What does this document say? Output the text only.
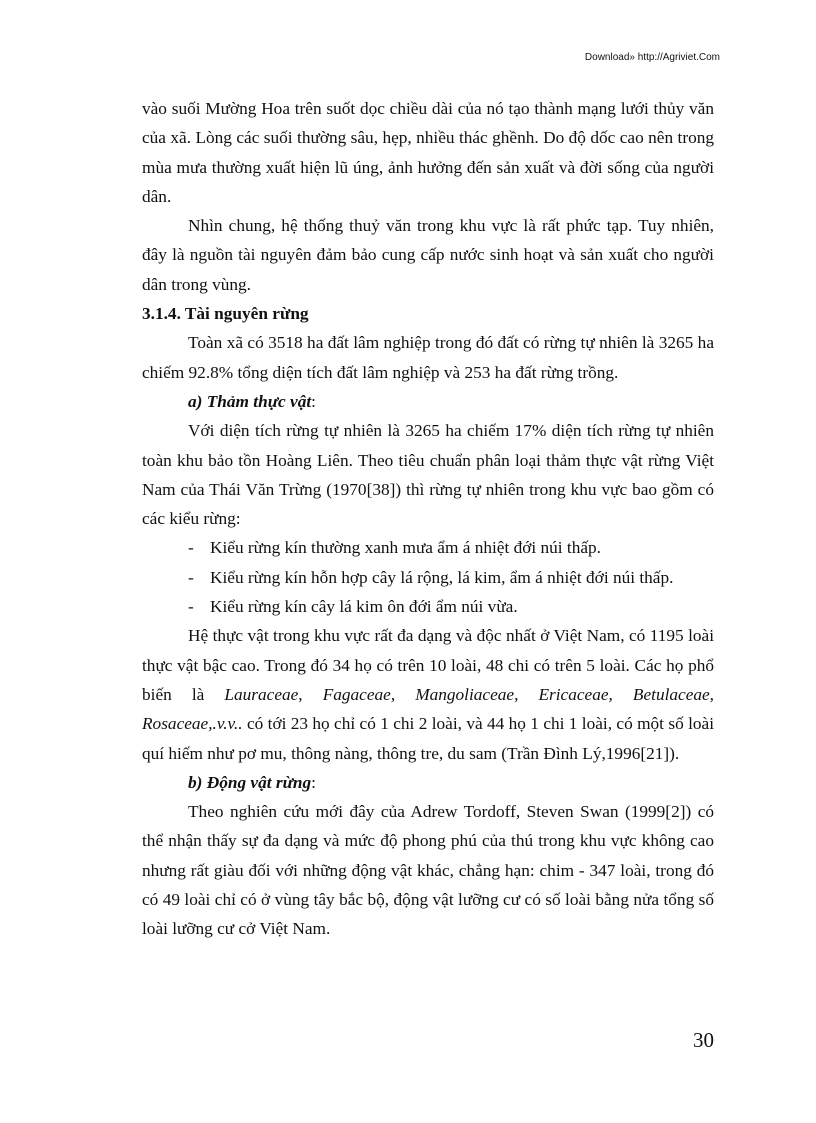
Download» http://Agriviet.Com

vào suối Mường Hoa trên suốt dọc chiều dài của nó tạo thành mạng lưới thủy văn của xã. Lòng các suối thường sâu, hẹp, nhiều thác ghềnh. Do độ dốc cao nên trong mùa mưa thường xuất hiện lũ úng, ảnh hưởng đến sản xuất và đời sống của người dân.

Nhìn chung, hệ thống thuỷ văn trong khu vực là rất phức tạp. Tuy nhiên, đây là nguồn tài nguyên đảm bảo cung cấp nước sinh hoạt và sản xuất cho người dân trong vùng.

3.1.4. Tài nguyên rừng

Toàn xã có 3518 ha đất lâm nghiệp trong đó đất có rừng tự nhiên là 3265 ha chiếm 92.8% tổng diện tích đất lâm nghiệp và 253 ha đất rừng trồng.

a) Thảm thực vật:

Với diện tích rừng tự nhiên là 3265 ha chiếm 17% diện tích rừng tự nhiên toàn khu bảo tồn Hoàng Liên. Theo tiêu chuẩn phân loại thảm thực vật rừng Việt Nam của Thái Văn Trừng (1970[38]) thì rừng tự nhiên trong khu vực bao gồm có các kiểu rừng:

- Kiểu rừng kín thường xanh mưa ẩm á nhiệt đới núi thấp.

- Kiểu rừng kín hỗn hợp cây lá rộng, lá kim, ẩm á nhiệt đới núi thấp.

- Kiểu rừng kín cây lá kim ôn đới ẩm núi vừa.

Hệ thực vật trong khu vực rất đa dạng và độc nhất ở Việt Nam, có 1195 loài thực vật bậc cao. Trong đó 34 họ có trên 10 loài, 48 chi có trên 5 loài. Các họ phổ biến là Lauraceae, Fagaceae, Mangoliaceae, Ericaceae, Betulaceae, Rosaceae,.v.v.. có tới 23 họ chỉ có 1 chi 2 loài, và 44 họ 1 chi 1 loài, có một số loài quí hiếm như pơ mu, thông nàng, thông tre, du sam (Trần Đình Lý,1996[21]).

b) Động vật rừng:

Theo nghiên cứu mới đây của Adrew Tordoff, Steven Swan (1999[2]) có thể nhận thấy sự đa dạng và mức độ phong phú của thú trong khu vực không cao nhưng rất giàu đối với những động vật khác, chẳng hạn: chim - 347 loài, trong đó có 49 loài chỉ có ở vùng tây bắc bộ, động vật lưỡng cư có số loài bằng nửa tổng số loài lưỡng cư cở Việt Nam.

30
